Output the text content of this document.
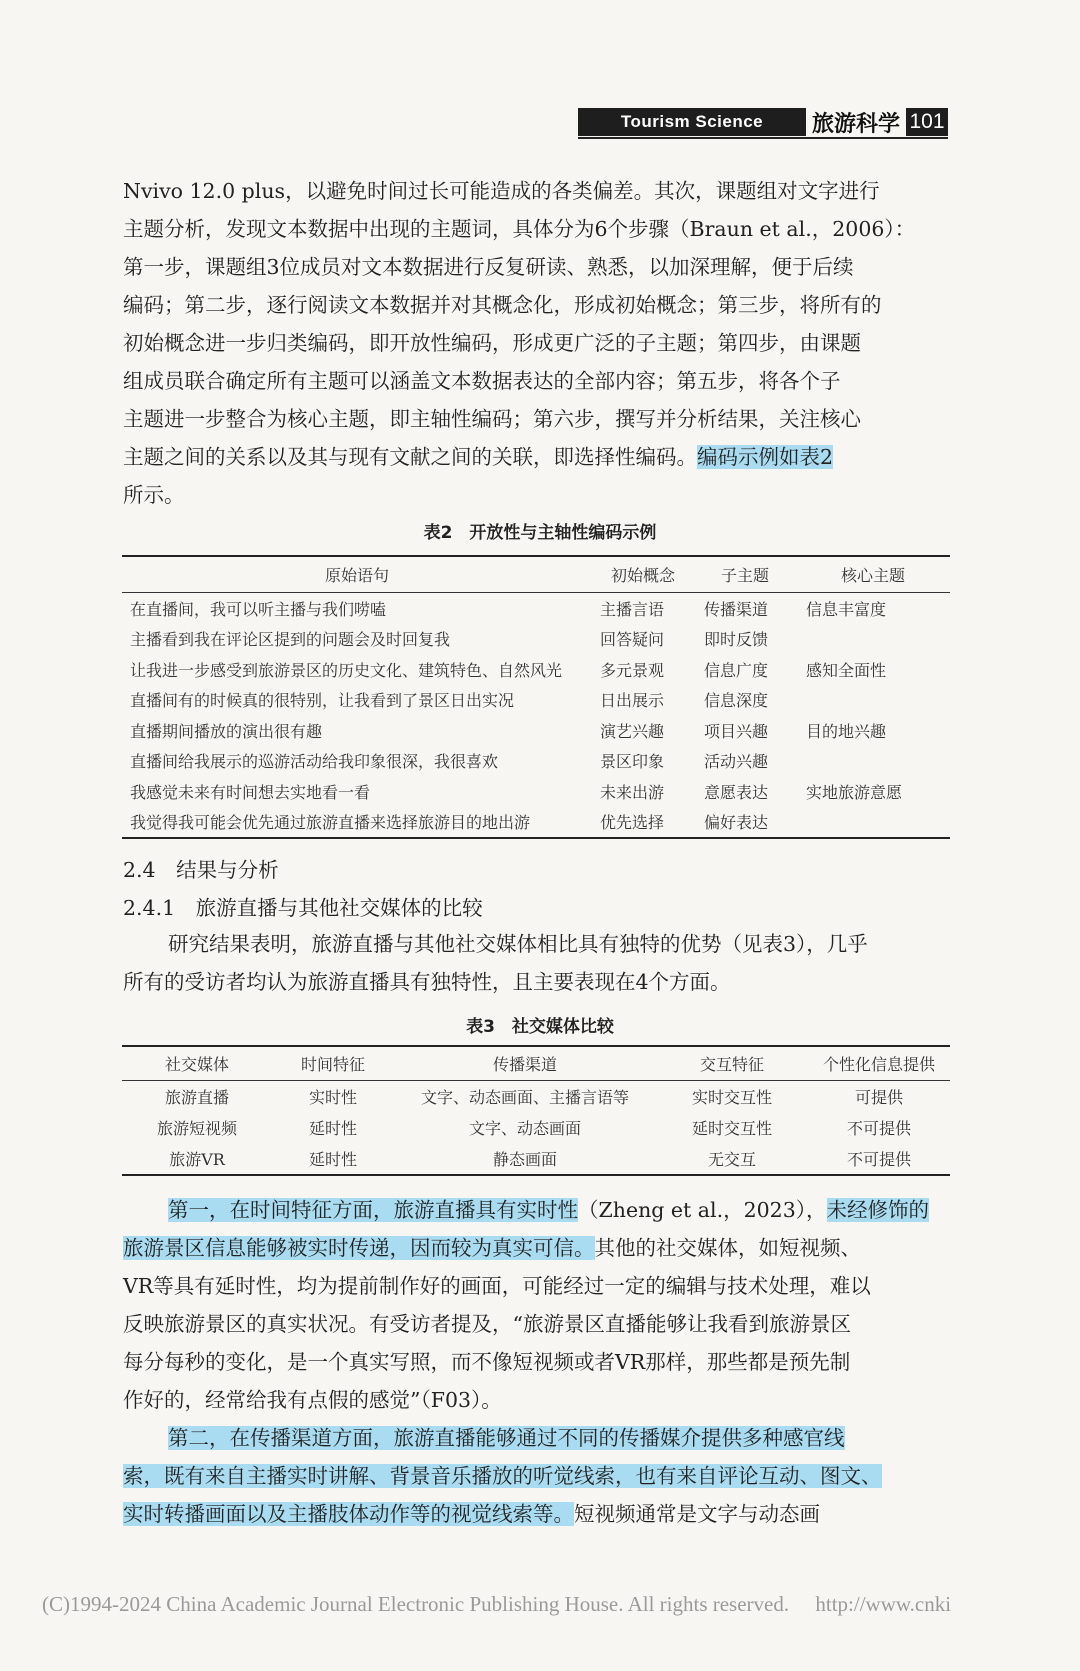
Tourism Science	旅游科学 101
Nvivo 12.0 plus，以避免时间过长可能造成的各类偏差。其次，课题组对文字进行
主题分析，发现文本数据中出现的主题词，具体分为6个步骤（Braun et al.，2006）：
第一步，课题组3位成员对文本数据进行反复研读、熟悉，以加深理解，便于后续
编码；第二步，逐行阅读文本数据并对其概念化，形成初始概念；第三步，将所有的
初始概念进一步归类编码，即开放性编码，形成更广泛的子主题；第四步，由课题
组成员联合确定所有主题可以涵盖文本数据表达的全部内容；第五步，将各个子
主题进一步整合为核心主题，即主轴性编码；第六步，撰写并分析结果，关注核心
主题之间的关系以及其与现有文献之间的关联，即选择性编码。编码示例如表2
所示。
表2　开放性与主轴性编码示例
原始语句	初始概念	子主题	核心主题
在直播间，我可以听主播与我们唠嗑	主播言语	传播渠道	信息丰富度
主播看到我在评论区提到的问题会及时回复我	回答疑问	即时反馈	
让我进一步感受到旅游景区的历史文化、建筑特色、自然风光	多元景观	信息广度	感知全面性
直播间有的时候真的很特别，让我看到了景区日出实况	日出展示	信息深度	
直播期间播放的演出很有趣	演艺兴趣	项目兴趣	目的地兴趣
直播间给我展示的巡游活动给我印象很深，我很喜欢	景区印象	活动兴趣	
我感觉未来有时间想去实地看一看	未来出游	意愿表达	实地旅游意愿
我觉得我可能会优先通过旅游直播来选择旅游目的地出游	优先选择	偏好表达	
2.4　结果与分析
2.4.1　旅游直播与其他社交媒体的比较
研究结果表明，旅游直播与其他社交媒体相比具有独特的优势（见表3），几乎
所有的受访者均认为旅游直播具有独特性，且主要表现在4个方面。
表3　社交媒体比较
社交媒体	时间特征	传播渠道	交互特征	个性化信息提供
旅游直播	实时性	文字、动态画面、主播言语等	实时交互性	可提供
旅游短视频	延时性	文字、动态画面	延时交互性	不可提供
旅游VR	延时性	静态画面	无交互	不可提供
第一，在时间特征方面，旅游直播具有实时性（Zheng et al.，2023），未经修饰的
旅游景区信息能够被实时传递，因而较为真实可信。其他的社交媒体，如短视频、
VR等具有延时性，均为提前制作好的画面，可能经过一定的编辑与技术处理，难以
反映旅游景区的真实状况。有受访者提及，“旅游景区直播能够让我看到旅游景区
每分每秒的变化，是一个真实写照，而不像短视频或者VR那样，那些都是预先制
作好的，经常给我有点假的感觉”（F03）。
第二，在传播渠道方面，旅游直播能够通过不同的传播媒介提供多种感官线
索，既有来自主播实时讲解、背景音乐播放的听觉线索，也有来自评论互动、图文、
实时转播画面以及主播肢体动作等的视觉线索等。短视频通常是文字与动态画
(C)1994-2024 China Academic Journal Electronic Publishing House. All rights reserved.　 http://www.cnki
